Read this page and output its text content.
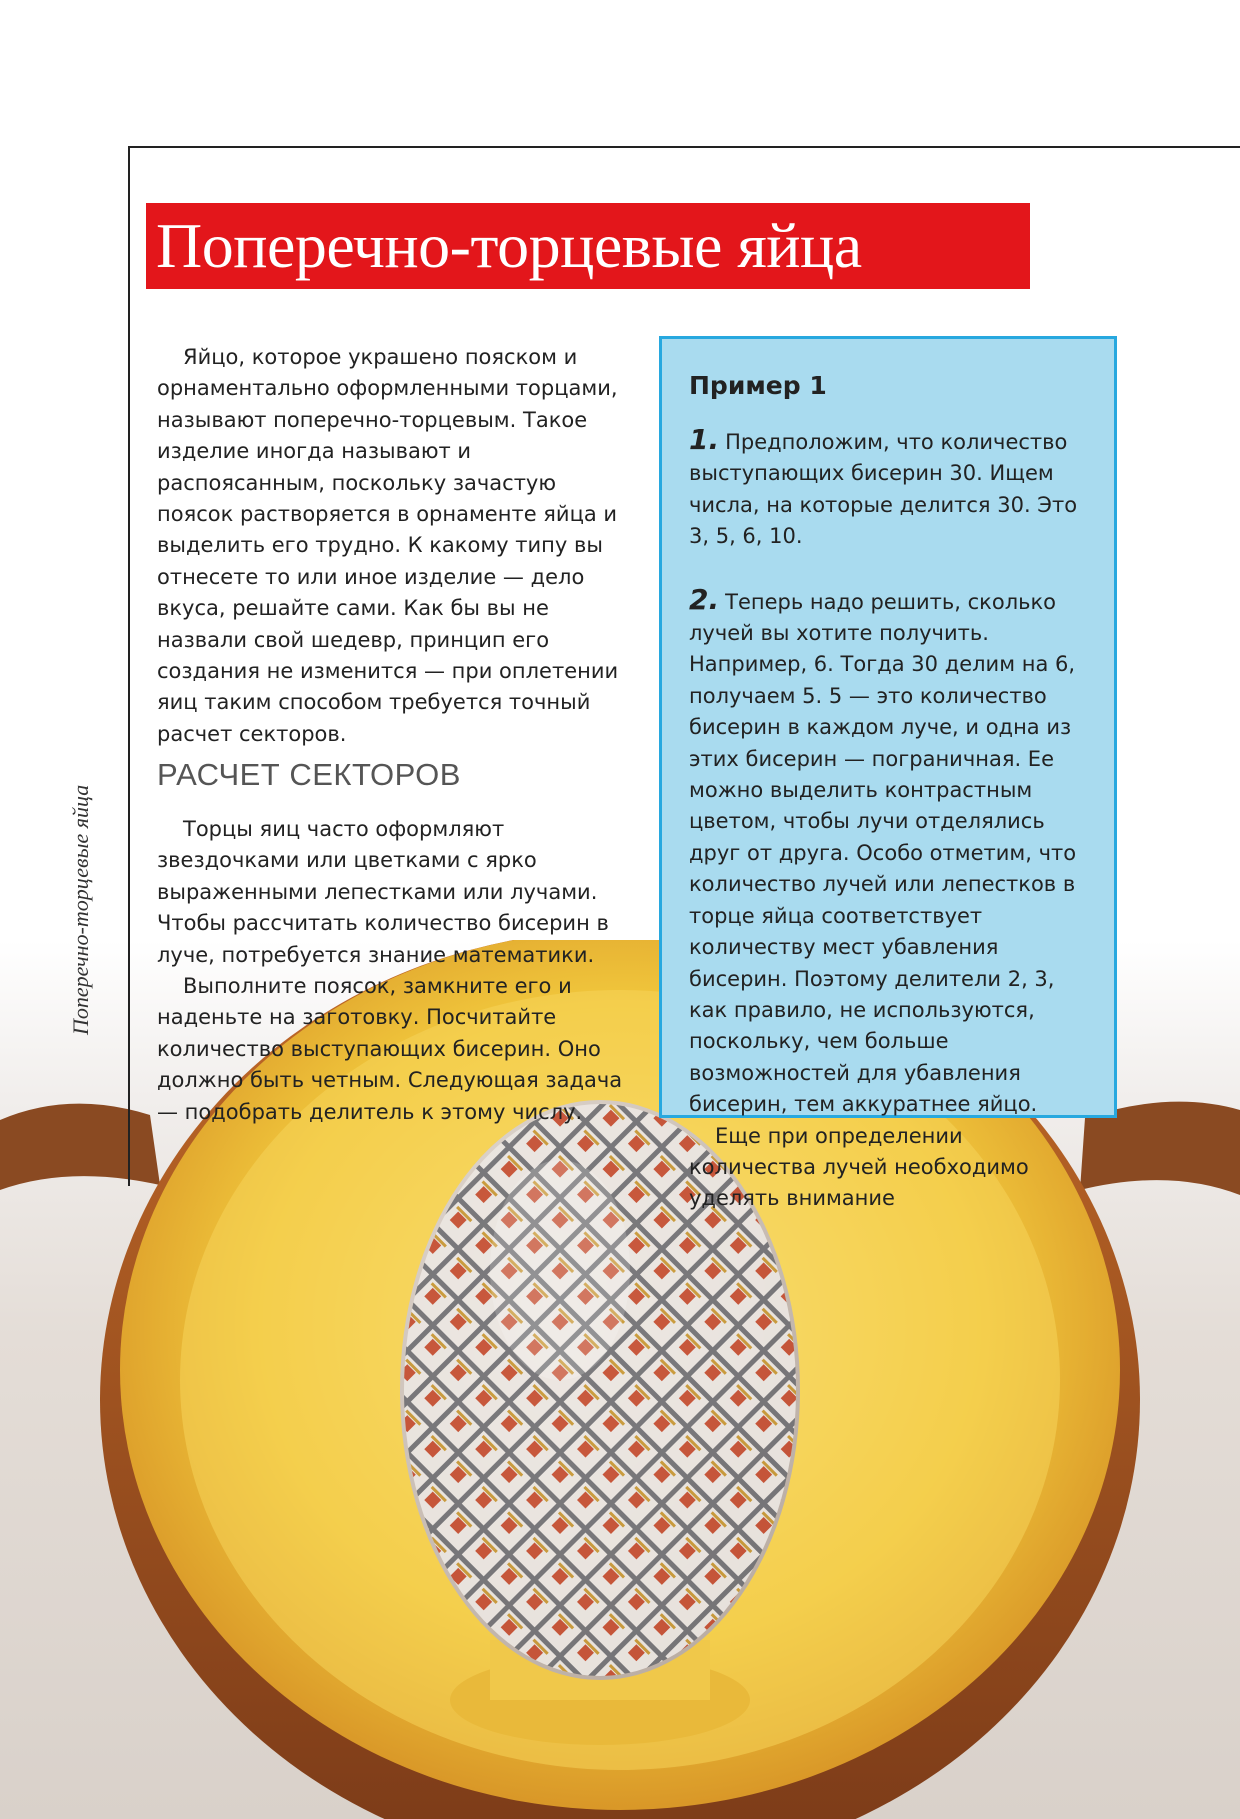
Поперечно-торцевые яйца
Поперечно-торцевые яйца

Яйцо, которое украшено пояском и орнаментально оформленными торцами, называют поперечно-торцевым. Такое изделие иногда называют и распоясанным, поскольку зачастую поясок растворяется в орнаменте яйца и выделить его трудно. К какому типу вы отнесете то или иное изделие — дело вкуса, решайте сами. Как бы вы не назвали свой шедевр, принцип его создания не изменится — при оплетении яиц таким способом требуется точный расчет секторов.

РАСЧЕТ СЕКТОРОВ

Торцы яиц часто оформляют звездочками или цветками с ярко выраженными лепестками или лучами. Чтобы рассчитать количество бисерин в луче, потребуется знание математики.

Выполните поясок, замкните его и наденьте на заготовку. Посчитайте количество выступающих бисерин. Оно должно быть четным. Следующая задача — подобрать делитель к этому числу.

Пример 1

1. Предположим, что количество выступающих бисерин 30. Ищем числа, на которые делится 30. Это 3, 5, 6, 10.

2. Теперь надо решить, сколько лучей вы хотите получить. Например, 6. Тогда 30 делим на 6, получаем 5. 5 — это количество бисерин в каждом луче, и одна из этих бисерин — пограничная. Ее можно выделить контрастным цветом, чтобы лучи отделялись друг от друга. Особо отметим, что количество лучей или лепестков в торце яйца соответствует количеству мест убавления бисерин. Поэтому делители 2, 3, как правило, не используются, поскольку, чем больше возможностей для убавления бисерин, тем аккуратнее яйцо.

Еще при определении количества лучей необходимо уделять внимание
